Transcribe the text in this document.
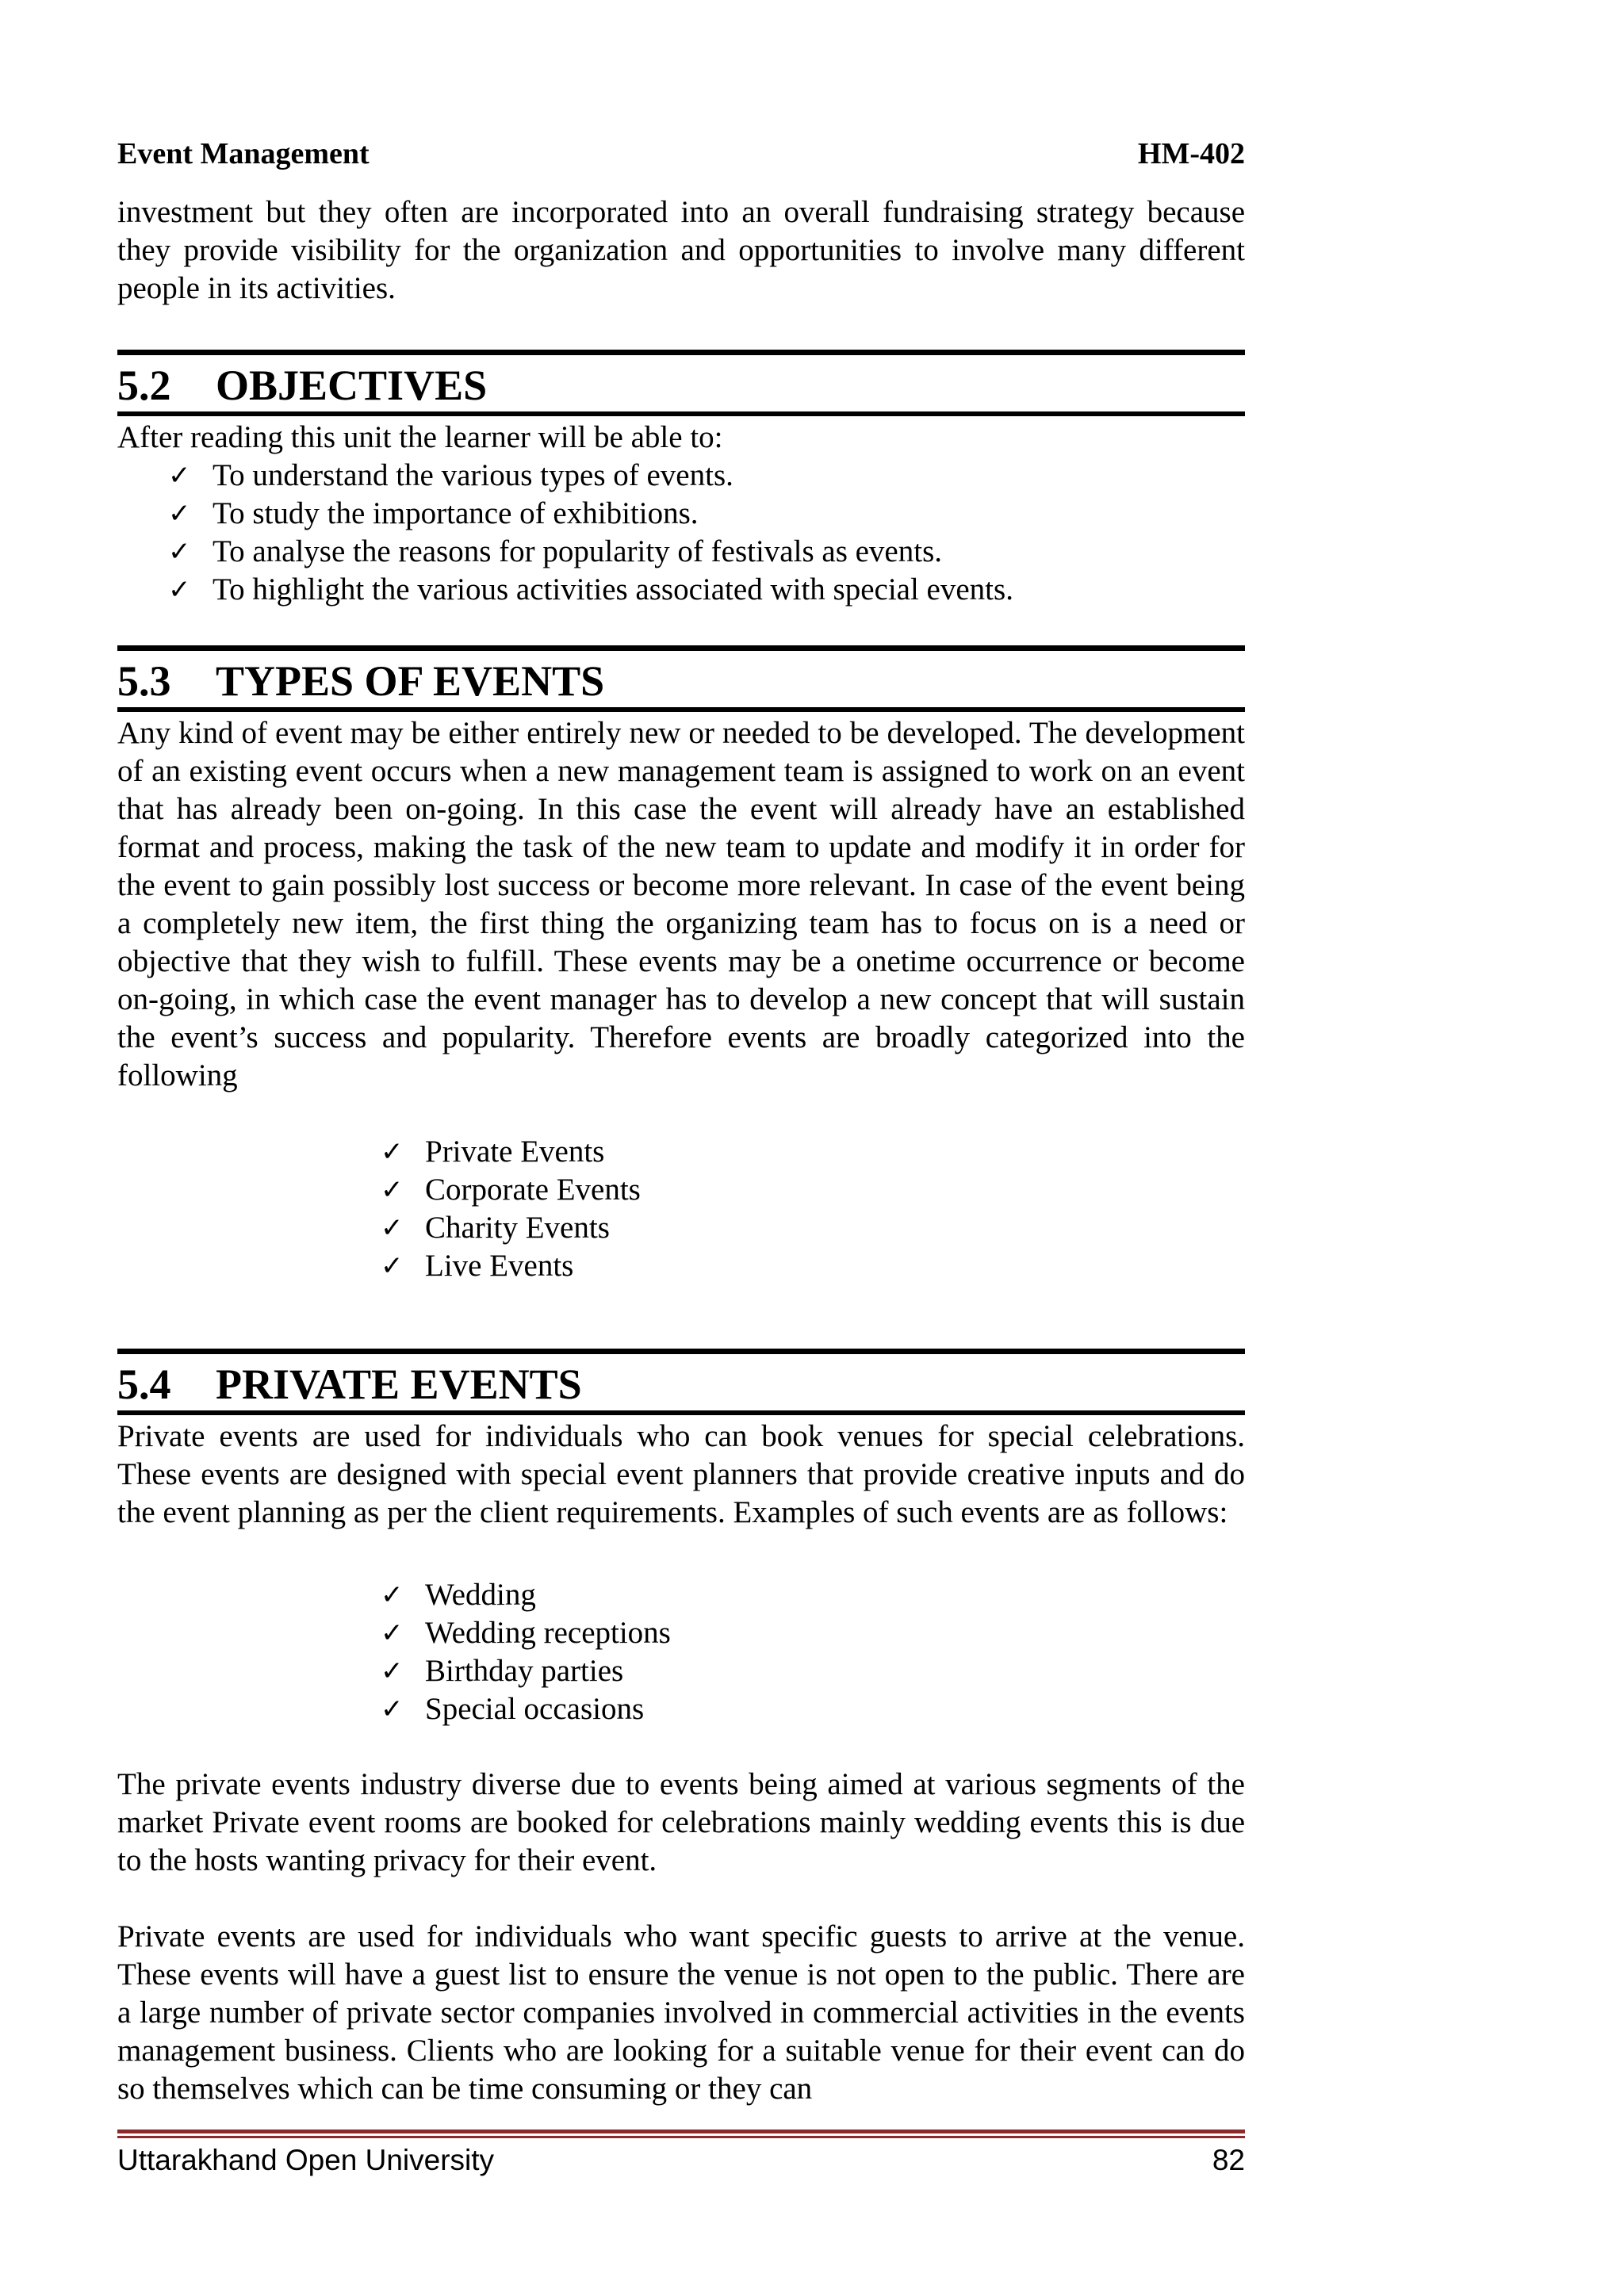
Event Management	HM-402

investment but they often are incorporated into an overall fundraising strategy because they provide visibility for the organization and opportunities to involve many different people in its activities.

5.2 OBJECTIVES

After reading this unit the learner will be able to:

✓ To understand the various types of events.
✓ To study the importance of exhibitions.
✓ To analyse the reasons for popularity of festivals as events.
✓ To highlight the various activities associated with special events.
5.3 TYPES OF EVENTS

Any kind of event may be either entirely new or needed to be developed. The development of an existing event occurs when a new management team is assigned to work on an event that has already been on-going. In this case the event will already have an established format and process, making the task of the new team to update and modify it in order for the event to gain possibly lost success or become more relevant. In case of the event being a completely new item, the first thing the organizing team has to focus on is a need or objective that they wish to fulfill. These events may be a onetime occurrence or become on-going, in which case the event manager has to develop a new concept that will sustain the event’s success and popularity. Therefore events are broadly categorized into the following

✓ Private Events
✓ Corporate Events
✓ Charity Events
✓ Live Events
5.4 PRIVATE EVENTS

Private events are used for individuals who can book venues for special celebrations. These events are designed with special event planners that provide creative inputs and do the event planning as per the client requirements. Examples of such events are as follows:

✓ Wedding
✓ Wedding receptions
✓ Birthday parties
✓ Special occasions

The private events industry diverse due to events being aimed at various segments of the market Private event rooms are booked for celebrations mainly wedding events this is due to the hosts wanting privacy for their event.

Private events are used for individuals who want specific guests to arrive at the venue. These events will have a guest list to ensure the venue is not open to the public. There are a large number of private sector companies involved in commercial activities in the events management business. Clients who are looking for a suitable venue for their event can do so themselves which can be time consuming or they can

Uttarakhand Open University	82
